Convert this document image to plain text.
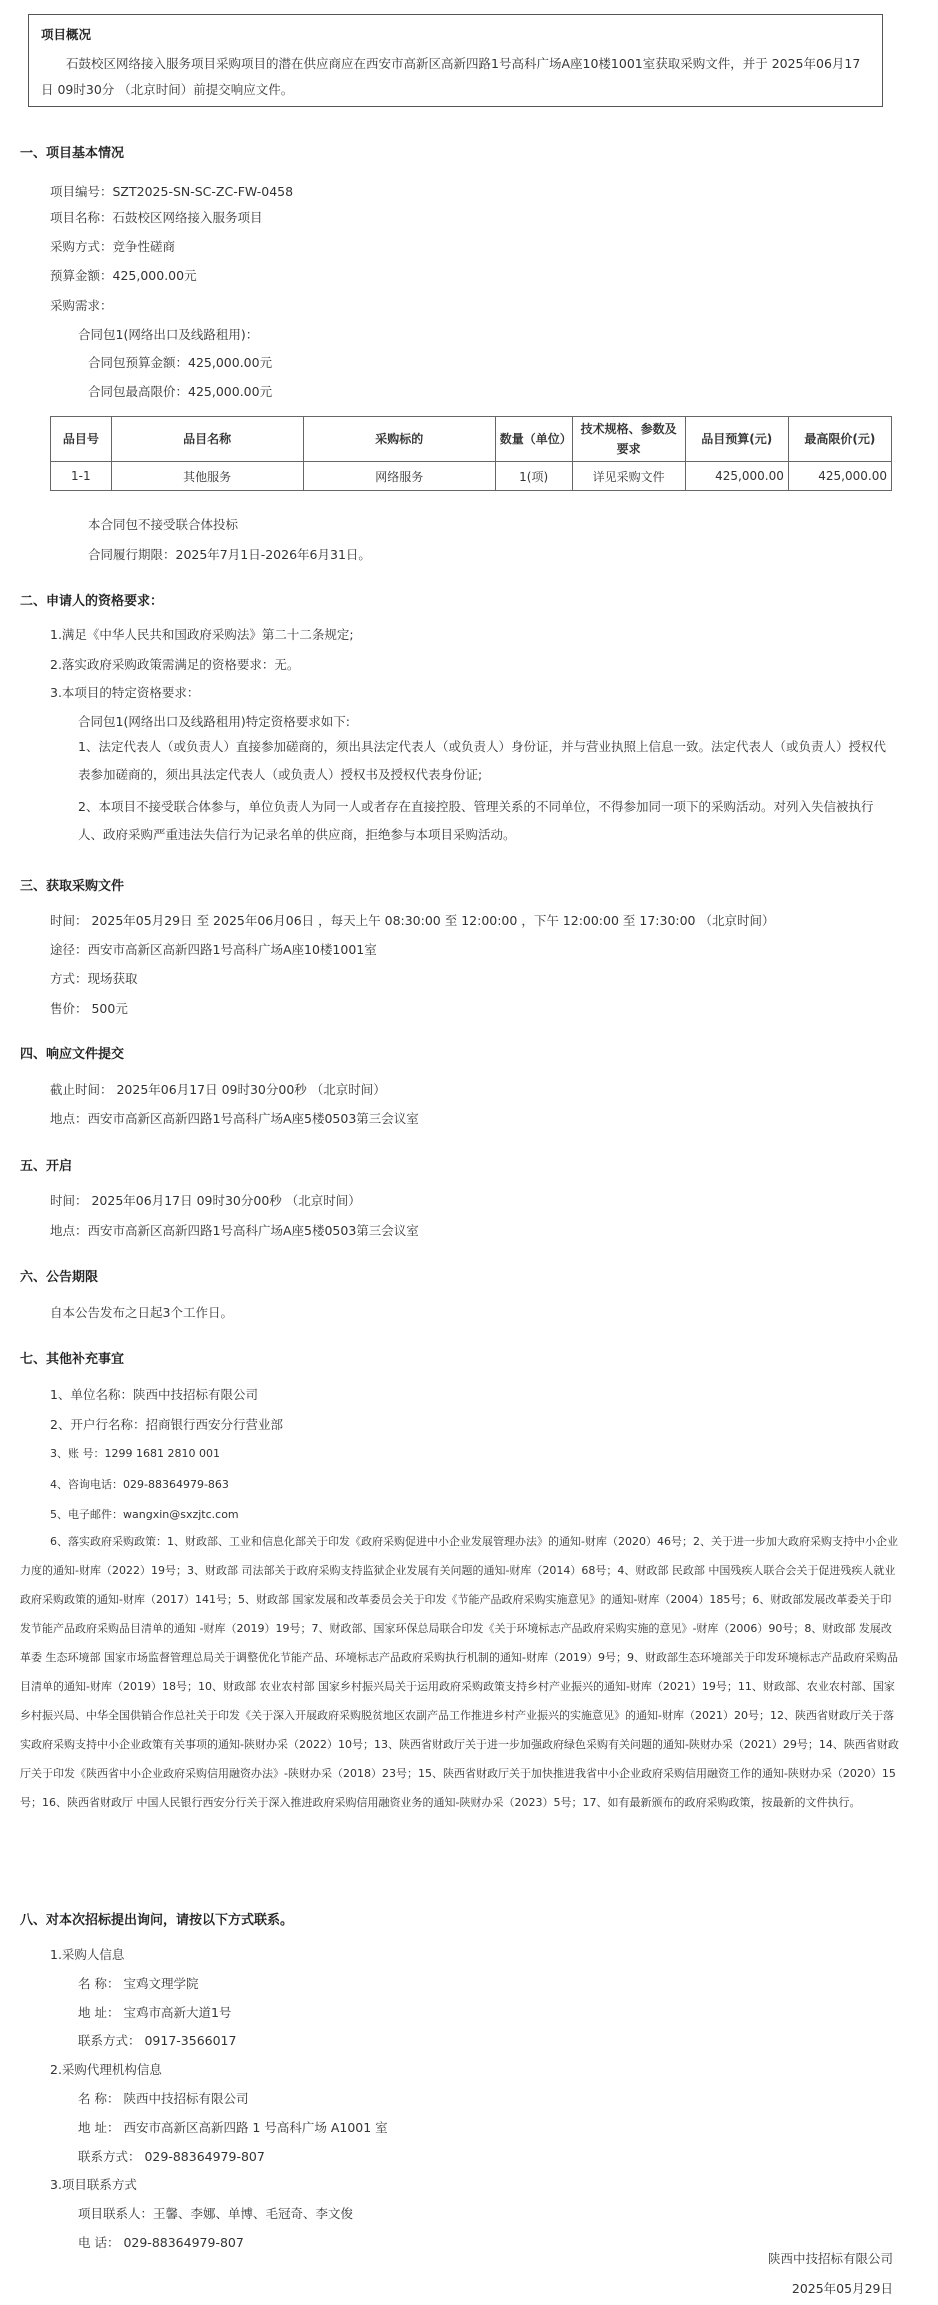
项目概况
石鼓校区网络接入服务项目采购项目的潜在供应商应在西安市高新区高新四路1号高科广场A座10楼1001室获取采购文件，并于 2025年06月17日 09时30分 （北京时间）前提交响应文件。
一、项目基本情况
项目编号：SZT2025-SN-SC-ZC-FW-0458
项目名称：石鼓校区网络接入服务项目
采购方式：竞争性磋商
预算金额：425,000.00元
采购需求：
合同包1(网络出口及线路租用)：
合同包预算金额：425,000.00元
合同包最高限价：425,000.00元
品目号	品目名称	采购标的	数量（单位）	技术规格、参数及要求	品目预算(元)	最高限价(元)
1-1	其他服务	网络服务	1(项)	详见采购文件	425,000.00	425,000.00
本合同包不接受联合体投标
合同履行期限：2025年7月1日-2026年6月31日。
二、申请人的资格要求：
1.满足《中华人民共和国政府采购法》第二十二条规定;
2.落实政府采购政策需满足的资格要求：无。
3.本项目的特定资格要求：
合同包1(网络出口及线路租用)特定资格要求如下:
1、法定代表人（或负责人）直接参加磋商的，须出具法定代表人（或负责人）身份证，并与营业执照上信息一致。法定代表人（或负责人）授权代表参加磋商的，须出具法定代表人（或负责人）授权书及授权代表身份证;
2、本项目不接受联合体参与，单位负责人为同一人或者存在直接控股、管理关系的不同单位，不得参加同一项下的采购活动。对列入失信被执行人、政府采购严重违法失信行为记录名单的供应商，拒绝参与本项目采购活动。
三、获取采购文件
时间： 2025年05月29日 至 2025年06月06日 ，每天上午 08:30:00 至 12:00:00 ，下午 12:00:00 至 17:30:00 （北京时间）
途径：西安市高新区高新四路1号高科广场A座10楼1001室
方式：现场获取
售价： 500元
四、响应文件提交
截止时间： 2025年06月17日 09时30分00秒 （北京时间）
地点：西安市高新区高新四路1号高科广场A座5楼0503第三会议室
五、开启
时间： 2025年06月17日 09时30分00秒 （北京时间）
地点：西安市高新区高新四路1号高科广场A座5楼0503第三会议室
六、公告期限
自本公告发布之日起3个工作日。
七、其他补充事宜
1、单位名称：陕西中技招标有限公司
2、开户行名称：招商银行西安分行营业部
3、账 号：1299 1681 2810 001
4、咨询电话：029-88364979-863
5、电子邮件：wangxin@sxzjtc.com
6、落实政府采购政策：1、财政部、工业和信息化部关于印发《政府采购促进中小企业发展管理办法》的通知-财库（2020）46号；2、关于进一步加大政府采购支持中小企业力度的通知-财库（2022）19号；3、财政部 司法部关于政府采购支持监狱企业发展有关问题的通知-财库（2014）68号；4、财政部 民政部 中国残疾人联合会关于促进残疾人就业政府采购政策的通知-财库（2017）141号；5、财政部 国家发展和改革委员会关于印发《节能产品政府采购实施意见》的通知-财库（2004）185号；6、财政部发展改革委关于印发节能产品政府采购品目清单的通知 -财库（2019）19号；7、财政部、国家环保总局联合印发《关于环境标志产品政府采购实施的意见》-财库（2006）90号；8、财政部 发展改革委 生态环境部 国家市场监督管理总局关于调整优化节能产品、环境标志产品政府采购执行机制的通知-财库（2019）9号；9、财政部生态环境部关于印发环境标志产品政府采购品目清单的通知-财库（2019）18号；10、财政部 农业农村部 国家乡村振兴局关于运用政府采购政策支持乡村产业振兴的通知-财库（2021）19号；11、财政部、农业农村部、国家乡村振兴局、中华全国供销合作总社关于印发《关于深入开展政府采购脱贫地区农副产品工作推进乡村产业振兴的实施意见》的通知-财库（2021）20号；12、陕西省财政厅关于落实政府采购支持中小企业政策有关事项的通知-陕财办采（2022）10号；13、陕西省财政厅关于进一步加强政府绿色采购有关问题的通知-陕财办采（2021）29号；14、陕西省财政厅关于印发《陕西省中小企业政府采购信用融资办法》-陕财办采（2018）23号；15、陕西省财政厅关于加快推进我省中小企业政府采购信用融资工作的通知-陕财办采（2020）15号；16、陕西省财政厅 中国人民银行西安分行关于深入推进政府采购信用融资业务的通知-陕财办采（2023）5号；17、如有最新颁布的政府采购政策，按最新的文件执行。
八、对本次招标提出询问，请按以下方式联系。
1.采购人信息
名 称： 宝鸡文理学院
地 址： 宝鸡市高新大道1号
联系方式： 0917-3566017
2.采购代理机构信息
名 称： 陕西中技招标有限公司
地 址： 西安市高新区高新四路 1 号高科广场 A1001 室
联系方式： 029-88364979-807
3.项目联系方式
项目联系人：王馨、李娜、单博、毛冠奇、李文俊
电 话： 029-88364979-807
陕西中技招标有限公司
2025年05月29日
